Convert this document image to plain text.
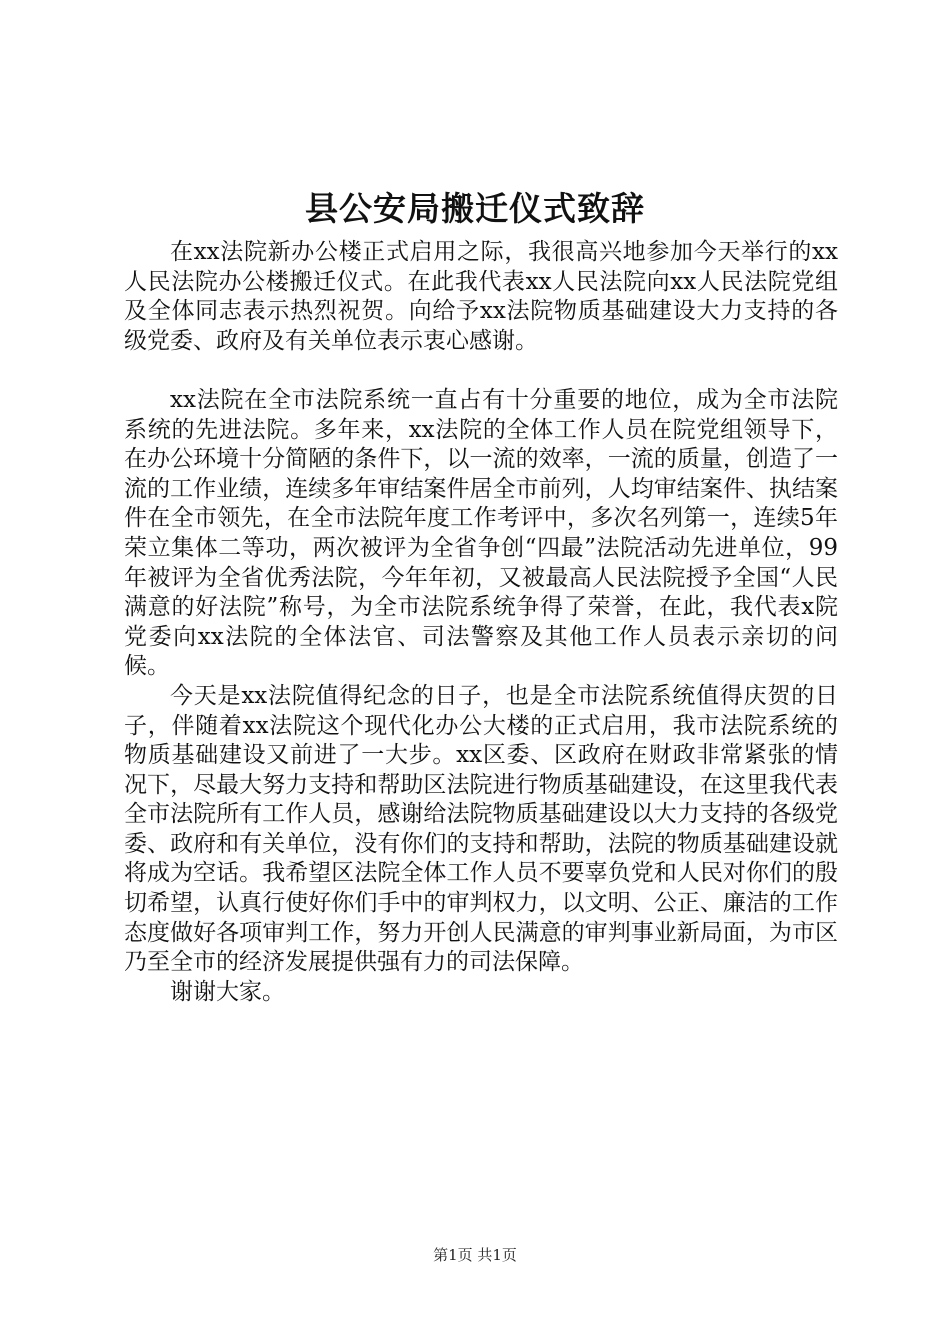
县公安局搬迁仪式致辞

在xx法院新办公楼正式启用之际，我很高兴地参加今天举行的xx人民法院办公楼搬迁仪式。在此我代表xx人民法院向xx人民法院党组及全体同志表示热烈祝贺。向给予xx法院物质基础建设大力支持的各级党委、政府及有关单位表示衷心感谢。

xx法院在全市法院系统一直占有十分重要的地位，成为全市法院系统的先进法院。多年来，xx法院的全体工作人员在院党组领导下，在办公环境十分简陋的条件下，以一流的效率，一流的质量，创造了一流的工作业绩，连续多年审结案件居全市前列，人均审结案件、执结案件在全市领先，在全市法院年度工作考评中，多次名列第一，连续5年荣立集体二等功，两次被评为全省争创“四最”法院活动先进单位，99年被评为全省优秀法院，今年年初，又被最高人民法院授予全国“人民满意的好法院”称号，为全市法院系统争得了荣誉，在此，我代表x院党委向xx法院的全体法官、司法警察及其他工作人员表示亲切的问候。

今天是xx法院值得纪念的日子，也是全市法院系统值得庆贺的日子，伴随着xx法院这个现代化办公大楼的正式启用，我市法院系统的物质基础建设又前进了一大步。xx区委、区政府在财政非常紧张的情况下，尽最大努力支持和帮助区法院进行物质基础建设，在这里我代表全市法院所有工作人员，感谢给法院物质基础建设以大力支持的各级党委、政府和有关单位，没有你们的支持和帮助，法院的物质基础建设就将成为空话。我希望区法院全体工作人员不要辜负党和人民对你们的殷切希望，认真行使好你们手中的审判权力，以文明、公正、廉洁的工作态度做好各项审判工作，努力开创人民满意的审判事业新局面，为市区乃至全市的经济发展提供强有力的司法保障。

谢谢大家。

第1页 共1页
